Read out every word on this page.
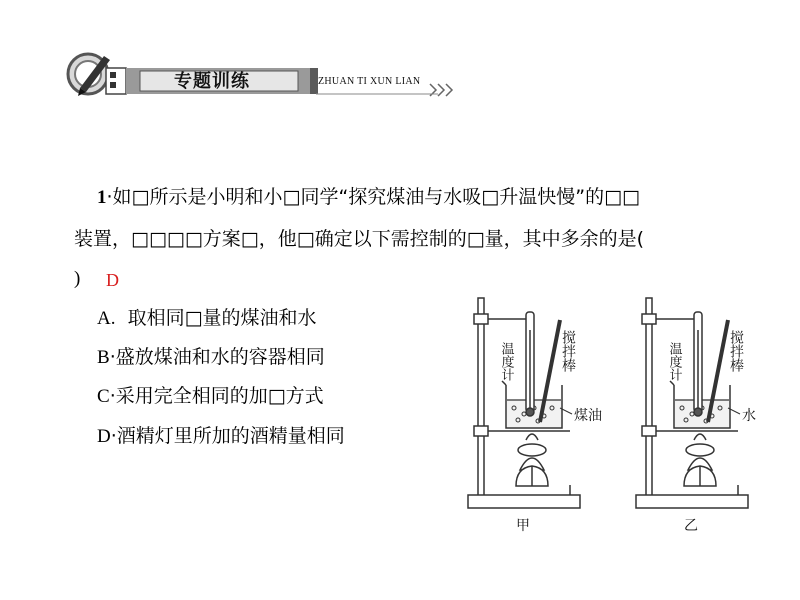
专题训练	ZHUAN TI XUN LIAN
1·如□所示是小明和小□同学“探究煤油与水吸□升温快慢”的□□
装置，□□□□方案□，他□确定以下需控制的□量，其中多余的是(
) D
A. 取相同□量的煤油和水
B·盛放煤油和水的容器相同
C·采用完全相同的加□方式
D·酒精灯里所加的酒精量相同
温度计	搅拌棒
煤油
甲
温度计	搅拌棒
水
乙
